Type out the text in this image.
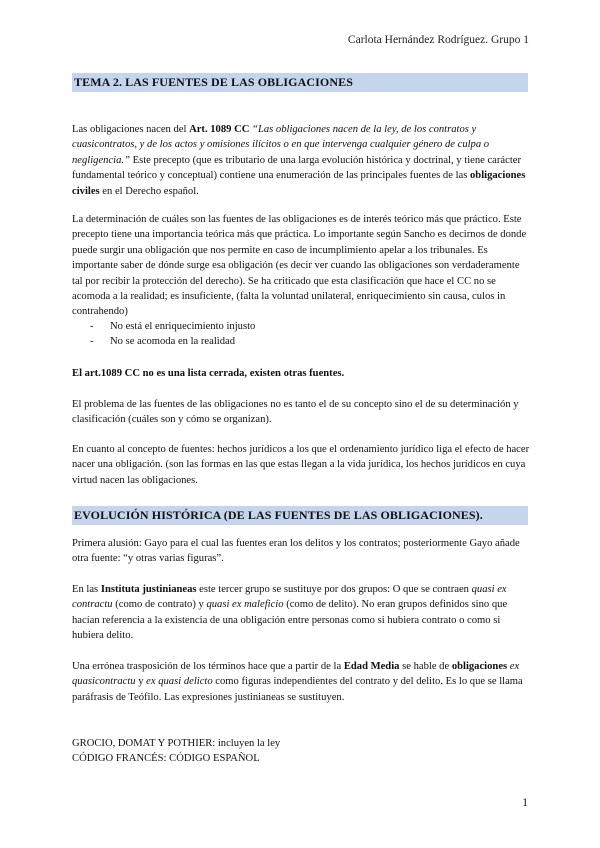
Carlota Hernández Rodríguez. Grupo 1
TEMA 2. LAS FUENTES DE LAS OBLIGACIONES

Las obligaciones nacen del Art. 1089 CC “Las obligaciones nacen de la ley, de los contratos y cuasicontratos, y de los actos y omisiones ilícitos o en que intervenga cualquier género de culpa o negligencia.” Este precepto (que es tributario de una larga evolución histórica y doctrinal, y tiene carácter fundamental teórico y conceptual) contiene una enumeración de las principales fuentes de las obligaciones civiles en el Derecho español.

La determinación de cuáles son las fuentes de las obligaciones es de interés teórico más que práctico. Este precepto tiene una importancia teórica más que práctica. Lo importante según Sancho es decirnos de donde puede surgir una obligación que nos permite en caso de incumplimiento apelar a los tribunales. Es importante saber de dónde surge esa obligación (es decir ver cuando las obligaciones son verdaderamente tal por recibir la protección del derecho). Se ha criticado que esta clasificación que hace el CC no se acomoda a la realidad; es insuficiente, (falta la voluntad unilateral, enriquecimiento sin causa, culos in contrahendo)

- No está el enriquecimiento injusto
- No se acomoda en la realidad

El art.1089 CC no es una lista cerrada, existen otras fuentes.

El problema de las fuentes de las obligaciones no es tanto el de su concepto sino el de su determinación y clasificación (cuáles son y cómo se organizan).

En cuanto al concepto de fuentes: hechos jurídicos a los que el ordenamiento jurídico liga el efecto de hacer nacer una obligación. (son las formas en las que estas llegan a la vida jurídica, los hechos jurídicos en cuya virtud nacen las obligaciones.

EVOLUCIÓN HISTÓRICA (DE LAS FUENTES DE LAS OBLIGACIONES).

Primera alusión: Gayo para el cual las fuentes eran los delitos y los contratos; posteriormente Gayo añade otra fuente: “y otras varias figuras”.

En las Instituta justinianeas este tercer grupo se sustituye por dos grupos: O que se contraen quasi ex contractu (como de contrato) y quasi ex maleficio (como de delito). No eran grupos definidos sino que hacían referencia a la existencia de una obligación entre personas como si hubiera contrato o como si hubiera delito.

Una errónea trasposición de los términos hace que a partir de la Edad Media se hable de obligaciones ex quasicontractu y ex quasi delicto como figuras independientes del contrato y del delito. Es lo que se llama paráfrasis de Teófilo. Las expresiones justinianeas se sustituyen.

GROCIO, DOMAT Y POTHIER: incluyen la ley
CÓDIGO FRANCÉS: CÓDIGO ESPAÑOL

1
